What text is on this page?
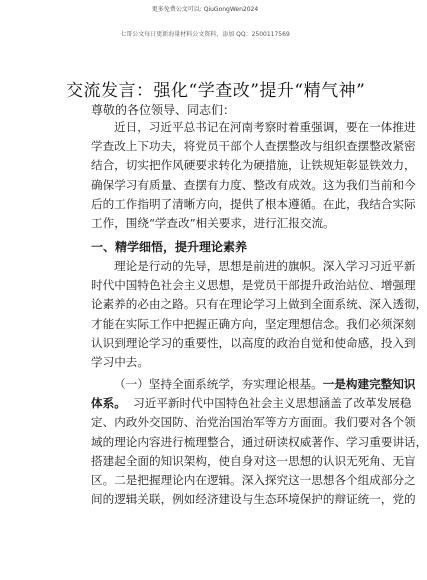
更多免费公文可以: QiuGongWen2024
七哥公文每日更新海量材料公文资料，添加 QQ：2500117569
交流发言：强化“学查改”提升“精气神”
尊敬的各位领导、同志们：
近日，习近平总书记在河南考察时着重强调，要在一体推进
学查改上下功夫，将党员干部个人查摆整改与组织查摆整改紧密
结合，切实把作风硬要求转化为硬措施，让铁规矩彰显铁效力，
确保学习有质量、查摆有力度、整改有成效。这为我们当前和今
后的工作指明了清晰方向，提供了根本遵循。在此，我结合实际
工作，围绕“学查改”相关要求，进行汇报交流。
一、精学细悟，提升理论素养
理论是行动的先导，思想是前进的旗帜。深入学习习近平新
时代中国特色社会主义思想，是党员干部提升政治站位、增强理
论素养的必由之路。只有在理论学习上做到全面系统、深入透彻，
才能在实际工作中把握正确方向，坚定理想信念。我们必须深刻
认识到理论学习的重要性，以高度的政治自觉和使命感，投入到
学习中去。
（一）坚持全面系统学，夯实理论根基。一是构建完整知识
体系。 习近平新时代中国特色社会主义思想涵盖了改革发展稳
定、内政外交国防、治党治国治军等方方面面。我们要对各个领
域的理论内容进行梳理整合，通过研读权威著作、学习重要讲话，
搭建起全面的知识架构，使自身对这一思想的认识无死角、无盲
区。二是把握理论内在逻辑。深入探究这一思想各个组成部分之
间的逻辑关联，例如经济建设与生态环境保护的辩证统一，党的
